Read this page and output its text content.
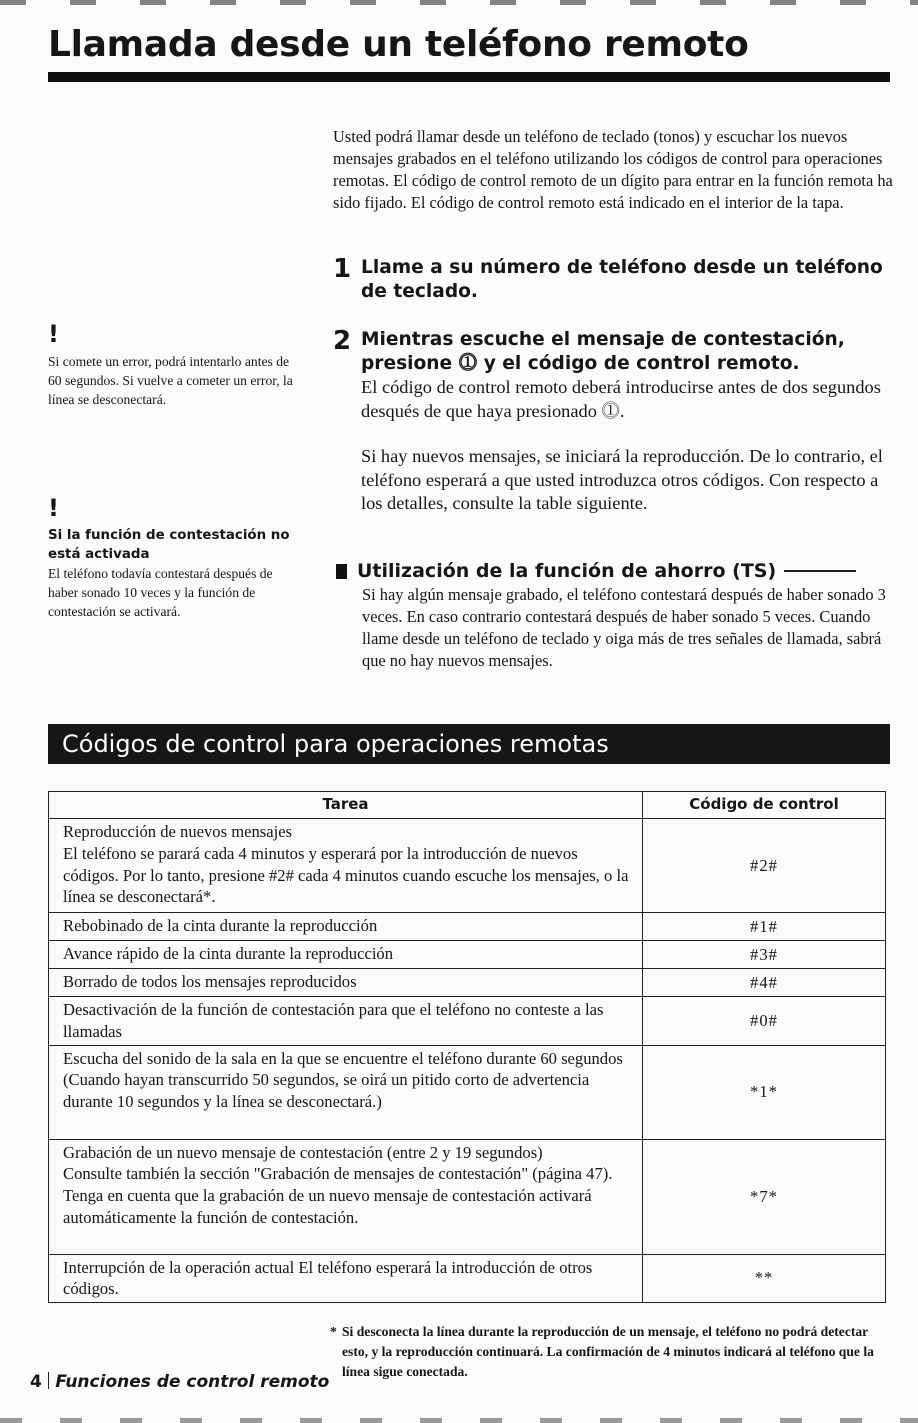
Llamada desde un teléfono remoto

Usted podrá llamar desde un teléfono de teclado (tonos) y escuchar los nuevos mensajes grabados en el teléfono utilizando los códigos de control para operaciones remotas. El código de control remoto de un dígito para entrar en la función remota ha sido fijado. El código de control remoto está indicado en el interior de la tapa.

1 Llame a su número de teléfono desde un teléfono de teclado.

2 Mientras escuche el mensaje de contestación, presione ⓵ y el código de control remoto.

El código de control remoto deberá introducirse antes de dos segundos desqués de que haya presionado ⓵.

Si hay nuevos mensajes, se iniciará la reproducción. De lo contrario, el teléfono esperará a que usted introduzca otros códigos. Con respecto a los detalles, consulte la table siguiente.

!
Si comete un error, podrá intentarlo antes de 60 segundos. Si vuelve a cometer un error, la línea se desconectará.
!
Si la función de contestación no está activada
El teléfono todavía contestará después de haber sonado 10 veces y la función de contestación se activará.
Utilización de la función de ahorro (TS)

Si hay algún mensaje grabado, el teléfono contestará después de haber sonado 3 veces. En caso contrario contestará después de haber sonado 5 veces. Cuando llame desde un teléfono de teclado y oiga más de tres señales de llamada, sabrá que no hay nuevos mensajes.

Códigos de control para operaciones remotas
Tarea	Código de control
Reproducción de nuevos mensajes
El teléfono se parará cada 4 minutos y esperará por la introducción de nuevos códigos. Por lo tanto, presione #2# cada 4 minutos cuando escuche los mensajes, o la línea se desconectará*.	#2#
Rebobinado de la cinta durante la reproducción	#1#
Avance rápido de la cinta durante la reproducción	#3#
Borrado de todos los mensajes reproducidos	#4#
Desactivación de la función de contestación para que el teléfono no conteste a las llamadas	#0#
Escucha del sonido de la sala en la que se encuentre el teléfono durante 60 segundos (Cuando hayan transcurrido 50 segundos, se oirá un pitido corto de advertencia durante 10 segundos y la línea se desconectará.)	*1*
Grabación de un nuevo mensaje de contestación (entre 2 y 19 segundos)
Consulte también la sección "Grabación de mensajes de contestación" (página 47). Tenga en cuenta que la grabación de un nuevo mensaje de contestación activará automáticamente la función de contestación.	*7*
Interrupción de la operación actual El teléfono esperará la introducción de otros códigos.	**
* Si desconecta la línea durante la reproducción de un mensaje, el teléfono no podrá detectar esto, y la reproducción continuará. La confirmación de 4 minutos indicará al teléfono que la línea sigue conectada.
4 Funciones de control remoto
